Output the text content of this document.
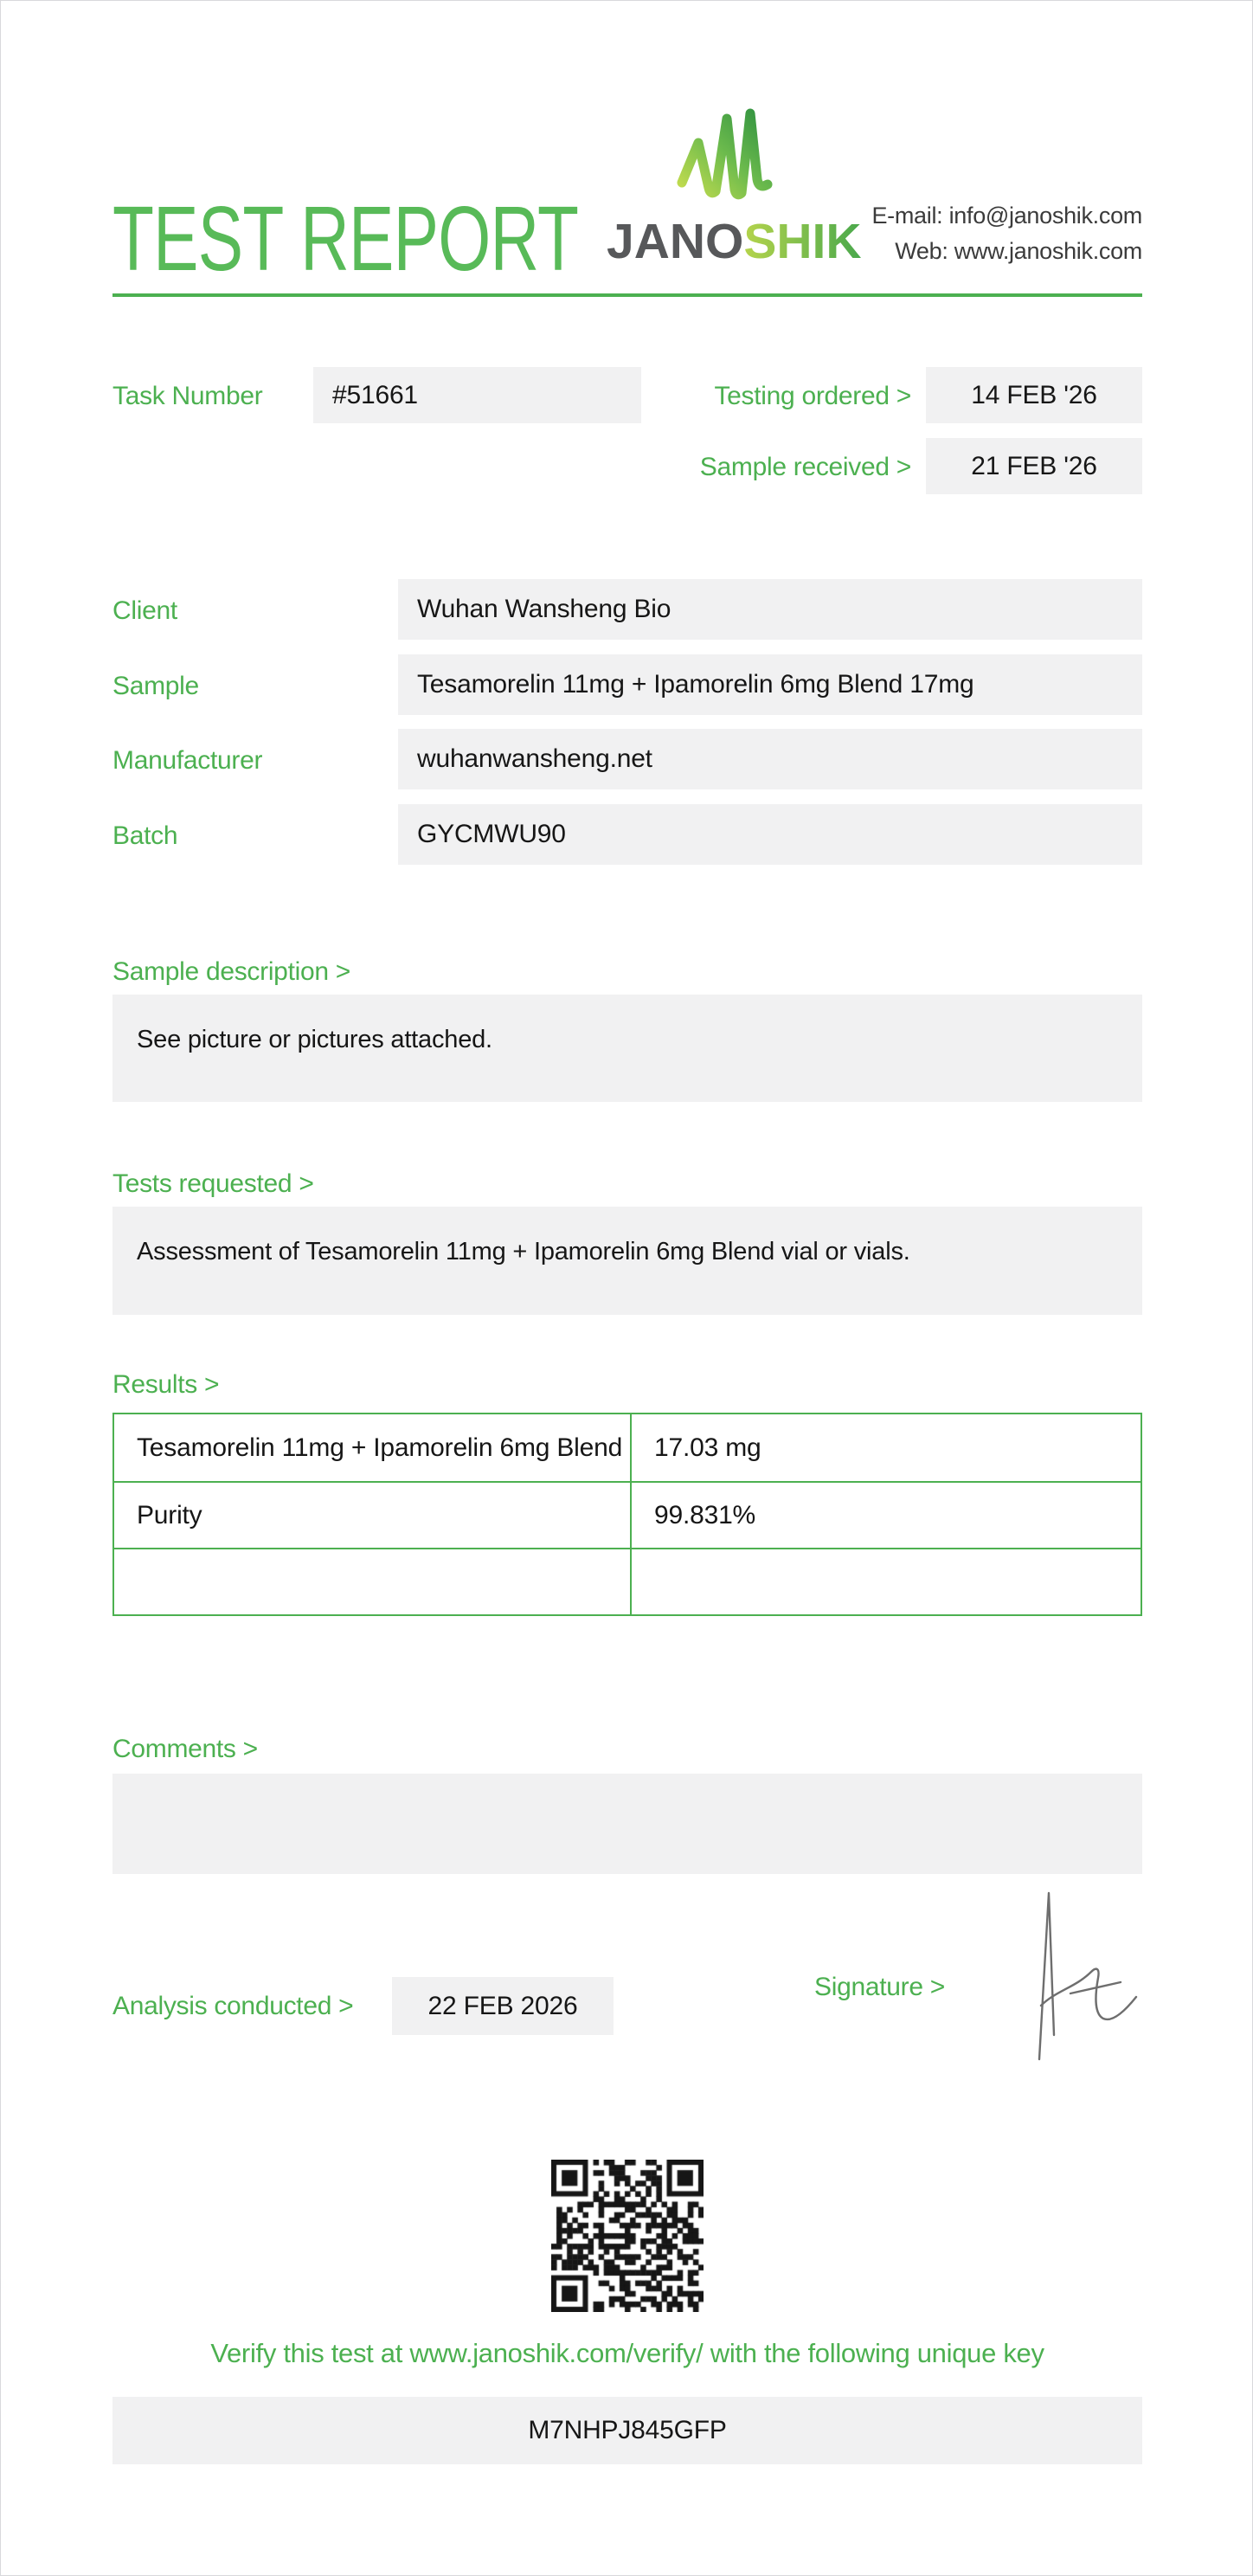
TEST REPORT JANOSHIK E-mail: info@janoshik.com
Web: www.janoshik.com
Task Number	#51661	Testing ordered >	14 FEB '26
Sample received >	21 FEB '26
Client	Wuhan Wansheng Bio
Sample	Tesamorelin 11mg + Ipamorelin 6mg Blend 17mg
Manufacturer	wuhanwansheng.net
Batch	GYCMWU90
Sample description >
See picture or pictures attached.
Tests requested >
Assessment of Tesamorelin 11mg + Ipamorelin 6mg Blend vial or vials.
Results >
Tesamorelin 11mg + Ipamorelin 6mg Blend	17.03 mg
Purity	99.831%
Comments >
Analysis conducted >	22 FEB 2026
Signature >
Verify this test at www.janoshik.com/verify/ with the following unique key
M7NHPJ845GFP
